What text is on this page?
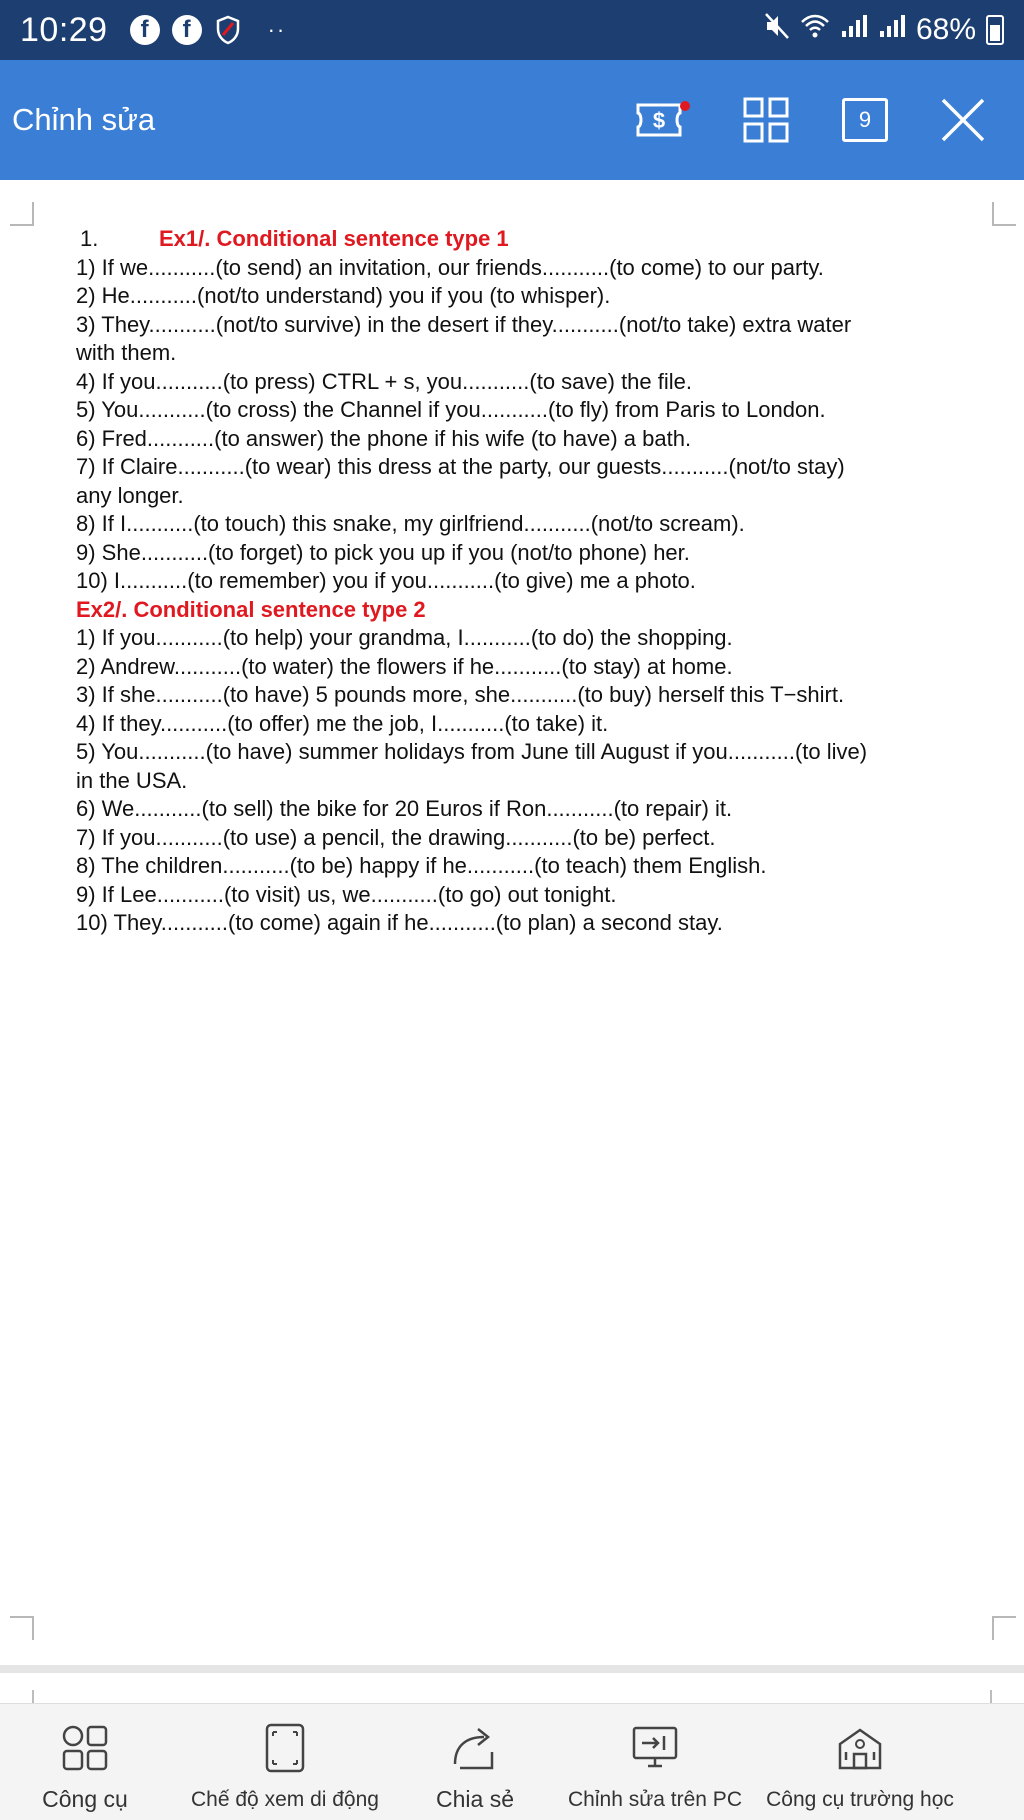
10:29	f	f	··	68%
Chỉnh sửa	$	9
1.	Ex1/. Conditional sentence type 1
1) If we...........(to send) an invitation, our friends...........(to come) to our party.
2) He...........(not/to understand) you if you (to whisper).
3) They...........(not/to survive) in the desert if they...........(not/to take) extra water
with them.
4) If you...........(to press) CTRL + s, you...........(to save) the file.
5) You...........(to cross) the Channel if you...........(to fly) from Paris to London.
6) Fred...........(to answer) the phone if his wife (to have) a bath.
7) If Claire...........(to wear) this dress at the party, our guests...........(not/to stay)
any longer.
8) If I...........(to touch) this snake, my girlfriend...........(not/to scream).
9) She...........(to forget) to pick you up if you (not/to phone) her.
10) I...........(to remember) you if you...........(to give) me a photo.
Ex2/. Conditional sentence type 2
1) If you...........(to help) your grandma, I...........(to do) the shopping.
2) Andrew...........(to water) the flowers if he...........(to stay) at home.
3) If she...........(to have) 5 pounds more, she...........(to buy) herself this T−shirt.
4) If they...........(to offer) me the job, I...........(to take) it.
5) You...........(to have) summer holidays from June till August if you...........(to live)
in the USA.
6) We...........(to sell) the bike for 20 Euros if Ron...........(to repair) it.
7) If you...........(to use) a pencil, the drawing...........(to be) perfect.
8) The children...........(to be) happy if he...........(to teach) them English.
9) If Lee...........(to visit) us, we...........(to go) out tonight.
10) They...........(to come) again if he...........(to plan) a second stay.
Công cụ	Chế độ xem di động Chia sẻ	Chỉnh sửa trên PC Công cụ trường học
